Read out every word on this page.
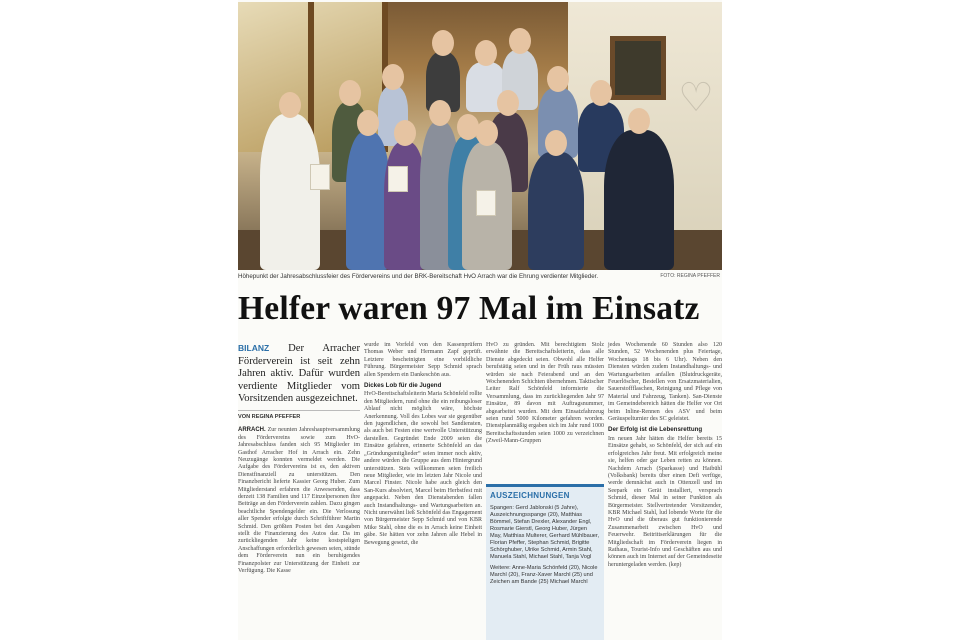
♡
Höhepunkt der Jahresabschlussfeier des Fördervereins und der BRK-Bereitschaft HvO Arrach war die Ehrung verdienter Mitglieder.	FOTO: REGINA PFEFFER
Helfer waren 97 Mal im Einsatz
BILANZ Der Arracher Förderverein ist seit zehn Jahren aktiv. Dafür wurden verdiente Mitglieder vom Vorsitzenden ausgezeichnet.
VON REGINA PFEFFER
ARRACH. Zur neunten Jahreshauptversammlung des Fördervereins sowie zum HvO-Jahresabschluss fanden sich 95 Mitglieder im Gasthof Arracher Hof in Arrach ein. Zehn Neuzugänge konnten vermeldet werden. Die Aufgabe des Fördervereins ist es, den aktiven Dienstfinanziell zu unterstützen. Den Finanzbericht lieferte Kassier Georg Huber. Zum Mitgliederstand erfahren die Anwesenden, dass derzeit 138 Familien und 117 Einzelpersonen ihre Beiträge an den Förderverein zahlen. Dazu gingen beachtliche Spendengelder ein. Die Verlosung aller Spender erfolgte durch Schriftführer Martin Schmid. Den größten Posten bei den Ausgaben stellt die Finanzierung des Autos dar. Da im zurückliegenden Jahr keine kostspieligen Anschaffungen erforderlich gewesen seien, stünde dem Förderverein nun ein beruhigendes Finanzpolster zur Unterstützung der Einheit zur Verfügung. Die Kasse
wurde im Vorfeld von den Kassenprüfern Thomas Weber und Hermann Zapf geprüft. Letztere bescheinigten eine vorbildliche Führung. Bürgermeister Sepp Schmid sprach allen Spendern ein Dankeschön aus.
Dickes Lob für die Jugend
HvO-Bereitschaftsleiterin Maria Schönfeld rollte den Mitgliedern, rund ohne die ein reibungsloser Ablauf nicht möglich wäre, höchste Anerkennung. Voll des Lobes war sie gegenüber den jugendlichen, die sowohl bei Sandiensten, als auch bei Festen eine wertvolle Unterstützung darstellen. Gegründet Ende 2009 seien die Einsätze gefahren, erinnerte Schönfeld an das „Gründungsmitglieder“ seien immer noch aktiv, andere würden die Gruppe aus dem Hintergrund unterstützen. Stets willkommen seien freilich neue Mitglieder, wie im letzten Jahr Nicole und Marcel Finster. Nicole habe auch gleich den San-Kurs absolviert, Marcel beim Herbstfest mit angepackt. Neben den Dienstabenden fallen auch Instandhaltungs- und Wartungsarbeiten an. Nicht unerwähnt ließ Schönfeld das Engagement von Bürgermeister Sepp Schmid und von KBR Mike Stahl, ohne die es in Arrach keine Einheit gäbe. Sie hätten vor zehn Jahren alle Hebel in Bewegung gesetzt, die
HvO zu gründen. Mit berechtigtem Stolz erwähnte die Bereitschaftsleiterin, dass alle Dienste abgedeckt seien. Obwohl alle Helfer berufstätig seien und in der Früh raus müssten würden sie nach Feierabend und an den Wochenenden Schichten übernehmen. Taktischer Leiter Ralf Schönfeld informierte die Versammlung, dass im zurückliegenden Jahr 97 Einsätze, 89 davon mit Auftragsnummer, abgearbeitet wurden. Mit dem Einsatzfahrzeug seien rund 5000 Kilometer gefahren worden. Dienstplanmäßig ergaben sich im Jahr rund 1000 Bereitschaftsstunden seien 1000 zu verzeichnen (Zweil-Mann-Gruppen
AUSZEICHNUNGEN
Spangen: Gerd Jablonski (5 Jahre), Auszeichnungsspange (20), Matthias Bömmel, Stefan Drexler, Alexander Engl, Rosmarie Gierstl, Georg Huber, Jürgen May, Matthias Multerer, Gerhard Mühlbauer, Florian Pfeffer, Stephan Schmid, Brigitte Schörghuber, Ulrike Schmid, Armin Stahl, Manuela Stahl, Michael Stahl, Tanja Vogl
Weitere: Anne-Maria Schönfeld (20), Nicole Marchl (20), Franz-Xaver Marchl (25) und Zeichen am Bande (25) Michael Marchl
jedes Wochenende 60 Stunden also 120 Stunden, 52 Wochenenden plus Feiertage, Wochentags 18 bis 6 Uhr). Neben den Diensten würden zudem Instandhaltungs- und Wartungsarbeiten anfallen (Blutdruckgeräte, Feuerlöscher, Bestellen von Ersatzmaterialien, Sauerstoffflaschen, Reinigung und Pflege von Material und Fahrzeug, Tanken). San-Dienste im Gemeindebereich hätten die Helfer vor Ort beim Inline-Rennen des ASV und beim Geräuspelturnier des SC geleistet.
Der Erfolg ist die Lebensrettung
Im neuen Jahr hätten die Helfer bereits 15 Einsätze gehabt, so Schönfeld, der sich auf ein erfolgreiches Jahr freut. Mit erfolgreich meine sie, helfen oder gar Leben retten zu können. Nachdem Arrach (Sparkasse) und Haibühl (Volksbank) bereits über einen Defi verfüge, werde demnächst auch in Ottenzell und im Seepark ein Gerät installiert, versprach Schmid, dieser Mal in seiner Funktion als Bürgermeister. Stellvertretender Vorsitzender, KBR Michael Stahl, lud lobende Worte für die HvO und die überaus gut funktionierende Zusammenarbeit zwischen HvO und Feuerwehr. Beitrittserklärungen für die Mitgliedschaft im Förderverein liegen in Rathaus, Tourist-Info und Geschäften aus und können auch im Internet auf der Gemeindeseite heruntergeladen werden. (kep)
